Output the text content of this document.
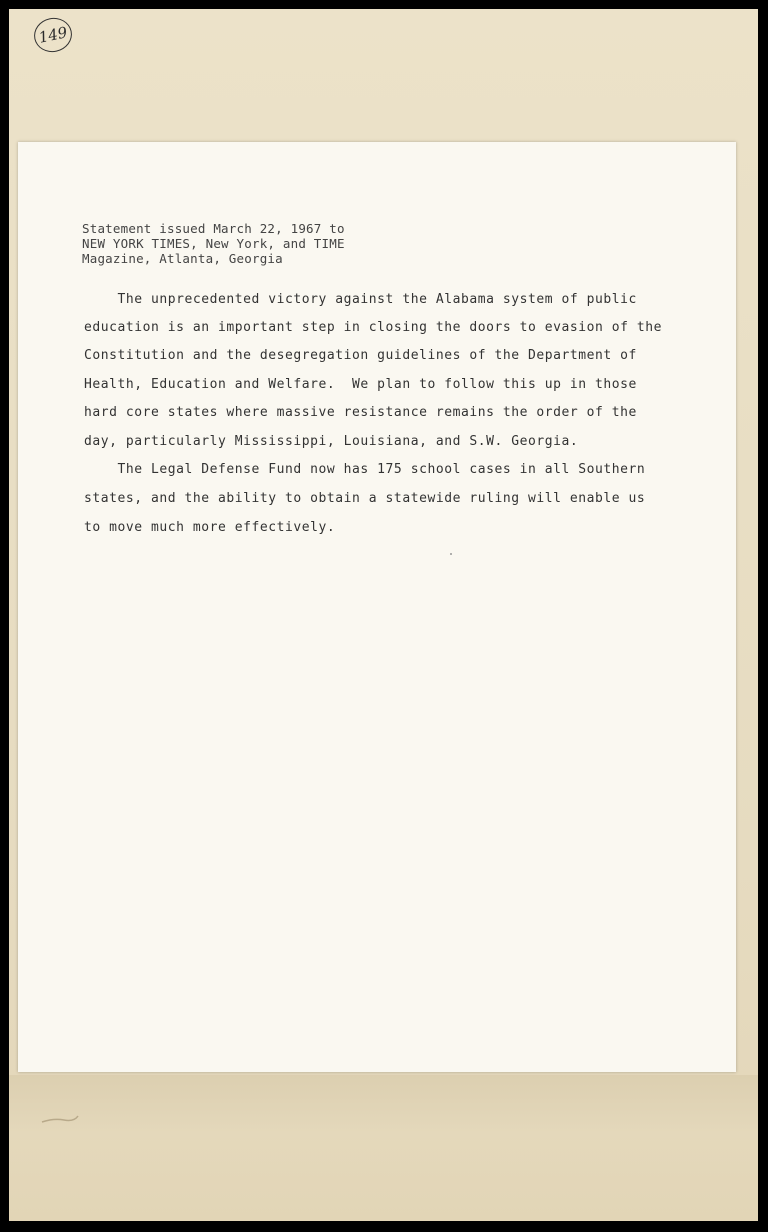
149
Statement issued March 22, 1967 to
NEW YORK TIMES, New York, and TIME
Magazine, Atlanta, Georgia
The unprecedented victory against the Alabama system of public
education is an important step in closing the doors to evasion of the
Constitution and the desegregation guidelines of the Department of
Health, Education and Welfare.  We plan to follow this up in those
hard core states where massive resistance remains the order of the
day, particularly Mississippi, Louisiana, and S.W. Georgia.
The Legal Defense Fund now has 175 school cases in all Southern
states, and the ability to obtain a statewide ruling will enable us
to move much more effectively.
